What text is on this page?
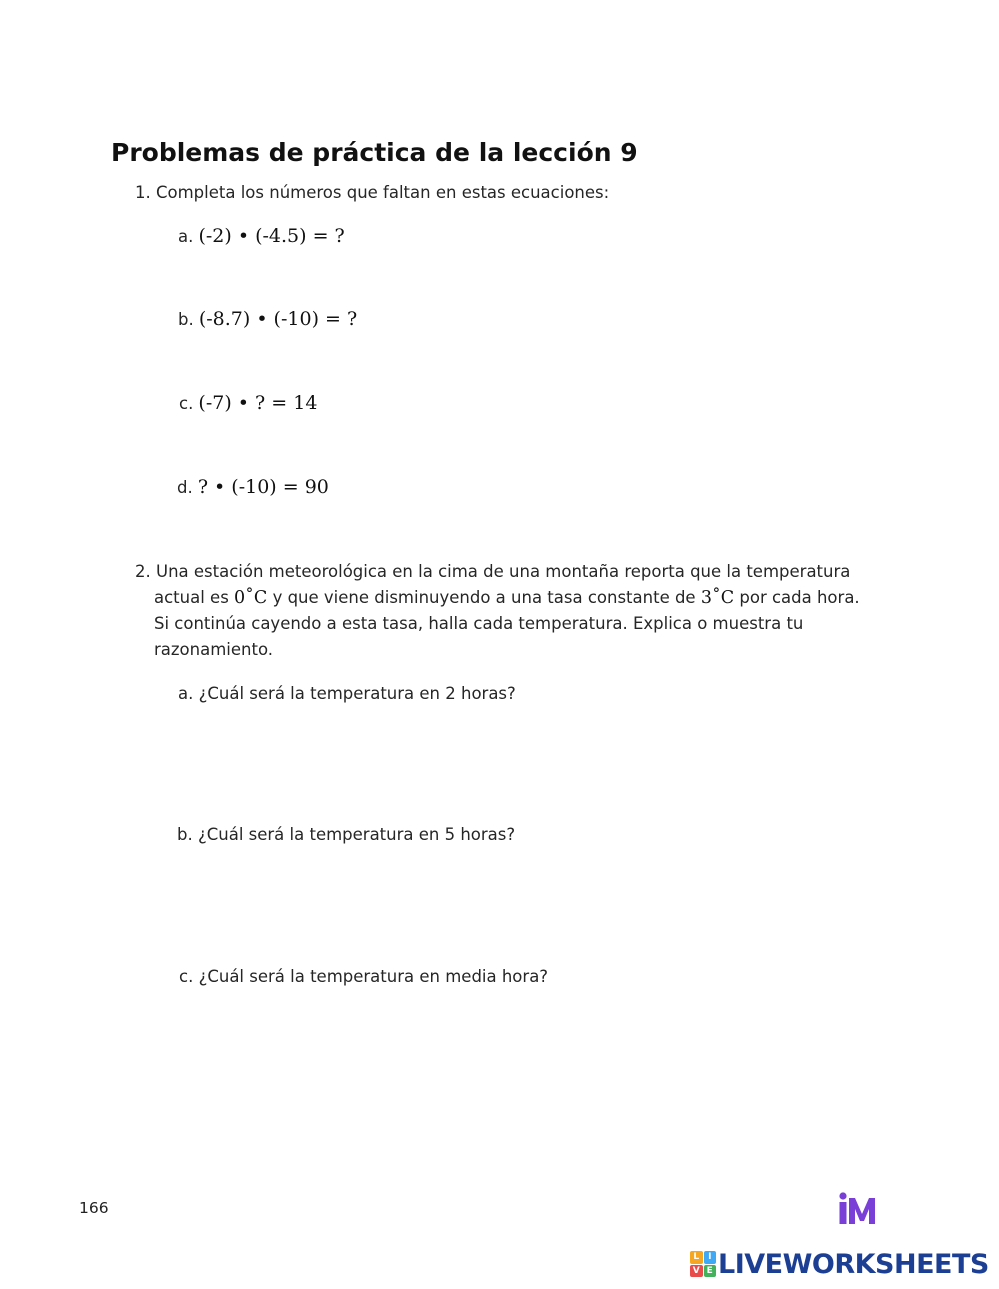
Problemas de práctica de la lección 9
1. Completa los números que faltan en estas ecuaciones:
a. (-2) • (-4.5) = ?
b. (-8.7) • (-10) = ?
c. (-7) • ? = 14
d. ? • (-10) = 90
2. Una estación meteorológica en la cima de una montaña reporta que la temperatura
actual es 0˚C y que viene disminuyendo a una tasa constante de 3˚C por cada hora.
Si continúa cayendo a esta tasa, halla cada temperatura. Explica o muestra tu
razonamiento.
a. ¿Cuál será la temperatura en 2 horas?
b. ¿Cuál será la temperatura en 5 horas?
c. ¿Cuál será la temperatura en media hora?
166
L I
V E LIVEWORKSHEETS
